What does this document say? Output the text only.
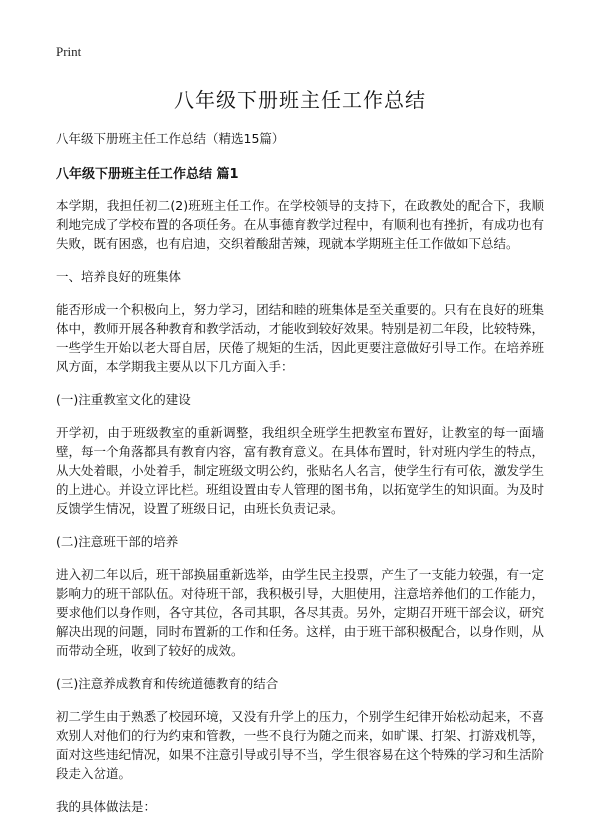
Print
八年级下册班主任工作总结

八年级下册班主任工作总结（精选15篇）

八年级下册班主任工作总结 篇1

本学期，我担任初二(2)班班主任工作。在学校领导的支持下，在政教处的配合下，我顺利地完成了学校布置的各项任务。在从事德育教学过程中，有顺利也有挫折，有成功也有失败，既有困惑，也有启迪，交织着酸甜苦辣，现就本学期班主任工作做如下总结。

一、培养良好的班集体

能否形成一个积极向上，努力学习，团结和睦的班集体是至关重要的。只有在良好的班集体中，教师开展各种教育和教学活动，才能收到较好效果。特别是初二年段，比较特殊，一些学生开始以老大哥自居，厌倦了规矩的生活，因此更要注意做好引导工作。在培养班风方面，本学期我主要从以下几方面入手：

(一)注重教室文化的建设

开学初，由于班级教室的重新调整，我组织全班学生把教室布置好，让教室的每一面墙壁，每一个角落都具有教育内容，富有教育意义。在具体布置时，针对班内学生的特点，从大处着眼，小处着手，制定班级文明公约，张贴名人名言，使学生行有可依，激发学生的上进心。并设立评比栏。班组设置由专人管理的图书角，以拓宽学生的知识面。为及时反馈学生情况，设置了班级日记，由班长负责记录。

(二)注意班干部的培养

进入初二年以后，班干部换届重新选举，由学生民主投票，产生了一支能力较强，有一定影响力的班干部队伍。对待班干部，我积极引导，大胆使用，注意培养他们的工作能力，要求他们以身作则，各守其位，各司其职，各尽其责。另外，定期召开班干部会议，研究解决出现的问题，同时布置新的工作和任务。这样，由于班干部积极配合，以身作则，从而带动全班，收到了较好的成效。

(三)注意养成教育和传统道德教育的结合

初二学生由于熟悉了校园环境，又没有升学上的压力，个别学生纪律开始松动起来，不喜欢别人对他们的行为约束和管教，一些不良行为随之而来，如旷课、打架、打游戏机等，面对这些违纪情况，如果不注意引导或引导不当，学生很容易在这个特殊的学习和生活阶段走入岔道。

我的具体做法是：
